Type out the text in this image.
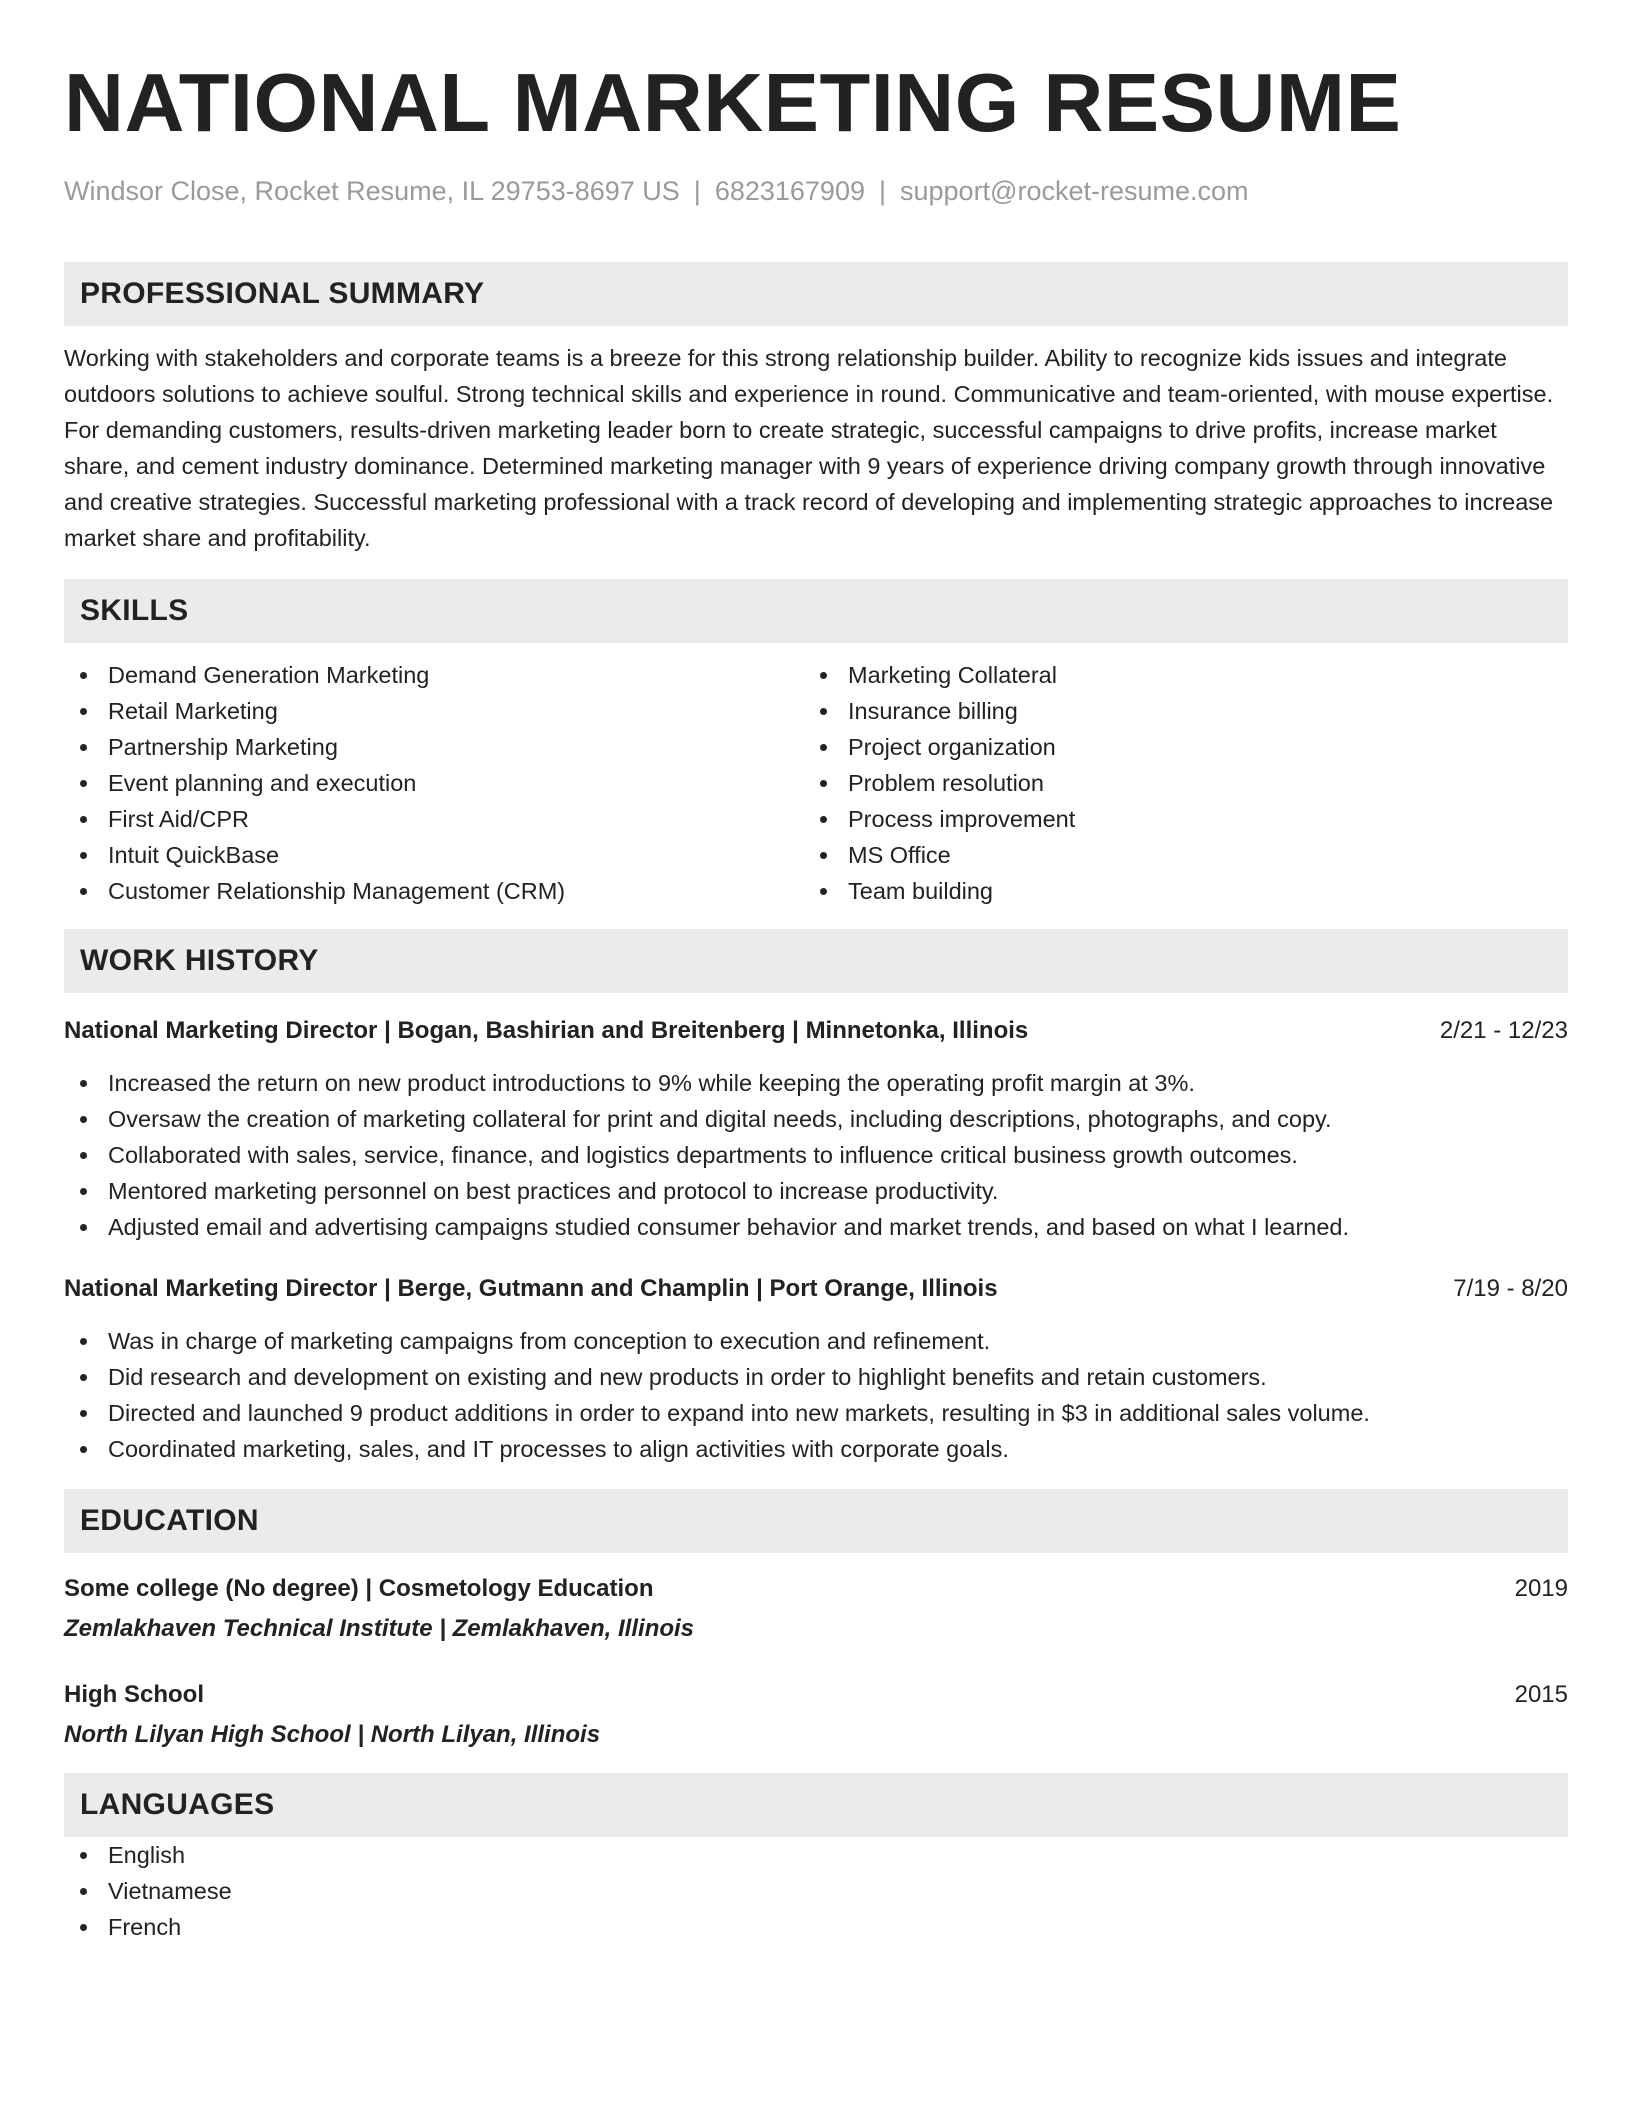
NATIONAL MARKETING RESUME
Windsor Close, Rocket Resume, IL 29753-8697 US | 6823167909 | support@rocket-resume.com
PROFESSIONAL SUMMARY

Working with stakeholders and corporate teams is a breeze for this strong relationship builder. Ability to recognize kids issues and integrate outdoors solutions to achieve soulful. Strong technical skills and experience in round. Communicative and team-oriented, with mouse expertise. For demanding customers, results-driven marketing leader born to create strategic, successful campaigns to drive profits, increase market share, and cement industry dominance. Determined marketing manager with 9 years of experience driving company growth through innovative and creative strategies. Successful marketing professional with a track record of developing and implementing strategic approaches to increase market share and profitability.

SKILLS
Demand Generation Marketing
Retail Marketing
Partnership Marketing
Event planning and execution
First Aid/CPR
Intuit QuickBase
Customer Relationship Management (CRM)
Marketing Collateral
Insurance billing
Project organization
Problem resolution
Process improvement
MS Office
Team building
WORK HISTORY
National Marketing Director | Bogan, Bashirian and Breitenberg | Minnetonka, Illinois	2/21 - 12/23
Increased the return on new product introductions to 9% while keeping the operating profit margin at 3%.
Oversaw the creation of marketing collateral for print and digital needs, including descriptions, photographs, and copy.
Collaborated with sales, service, finance, and logistics departments to influence critical business growth outcomes.
Mentored marketing personnel on best practices and protocol to increase productivity.
Adjusted email and advertising campaigns studied consumer behavior and market trends, and based on what I learned.
National Marketing Director | Berge, Gutmann and Champlin | Port Orange, Illinois	7/19 - 8/20
Was in charge of marketing campaigns from conception to execution and refinement.
Did research and development on existing and new products in order to highlight benefits and retain customers.
Directed and launched 9 product additions in order to expand into new markets, resulting in $3 in additional sales volume.
Coordinated marketing, sales, and IT processes to align activities with corporate goals.
EDUCATION
Some college (No degree) | Cosmetology Education	2019
Zemlakhaven Technical Institute | Zemlakhaven, Illinois
High School	2015
North Lilyan High School | North Lilyan, Illinois
LANGUAGES
English
Vietnamese
French
